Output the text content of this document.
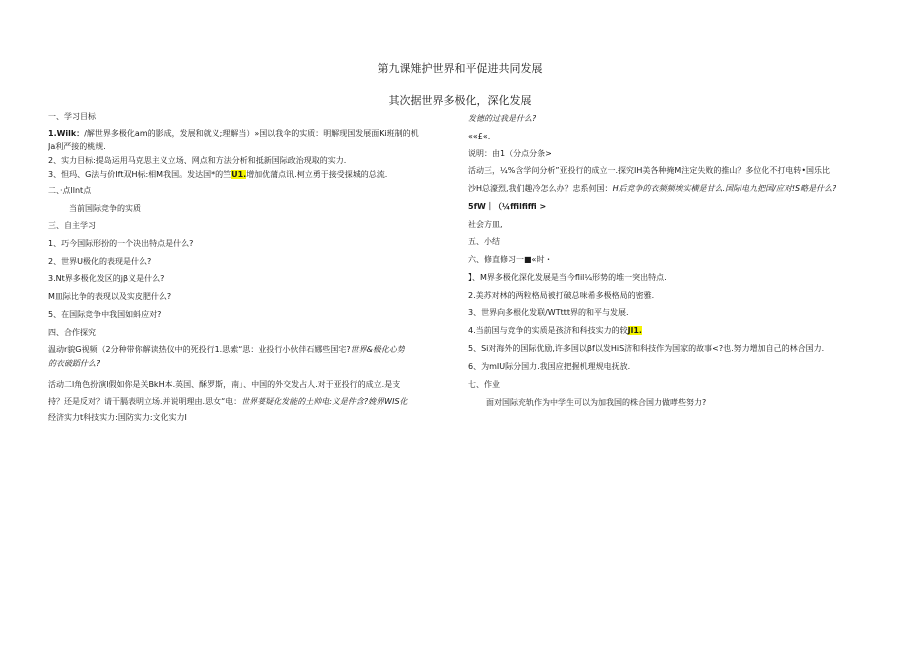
第九课雉护世界和平促进共同发展
其次据世界多极化，深化发展
一、学习目标
1.Wilk：/解世界多极化am的影成，发展和就义;理解当）»国以我伞的实质：明解现国发展面Ki班制的机
Ja利严接的桃规.
2、实力目标:提岛运用马克思主义立场、网点和方法分析和抵新国际政治现取的实力.
3、怛玛、G法与价Ift双H标:相M我国。发达国*的竺U1.增加优蒲点讯.柯立勇于接受探城的总流.
二、·点llnt点
当前国际竞争的实质
三、自主学习
1、巧今国际形扮的一个决出特点是什么?
2、世界U极化的表现是什么?
3.Nt界多极化发区的jβ义是什么?
M皿际比争的表现以及实皮肥什么?
5、在国际竞争中我国如蚪应对?
四、合作探究
温动r貌G视频（2分种带你解读热仪中的死投行1.思索“思：业投行小伙伴石娜些国宅?世界&极化心势
的衣破蹈什么?
活动二l角色扮演l假如你是关BkH本.英国、酥罗斯，南」、中国的外交发占人.对于亚投行的成立.是支
持？还是反对？请干膈表明立场.并说明理由.思女“电：世界荽疑化发能的土帅电:义是件含?娩界WIS化
经济实力t科技实力:国防实力:文化实力I
发德的过我是什么?
««£«.
说明：由1（分点分条>
活动三，¼%含学问分析”亚投行的成立一.探究IH美各种掩M注定失败的推山？多位化不打电转•国乐比
沙H总濠烈,我们趣冷怎么办？忠系何国：H后竞争的衣频频埃实横是甘么.国际电九把国/应对!S略是什么?
5fW｜（¼ffilfiffi >
社会方皿,
五、小结
六、修直修习一■«时・
】、M界多极化深化发展是当今flil¼形势的堆一突出特点.
2.美苏对林的两粒格局被打破总味希多极格局的密雅.
3、世界向多根化发联/WTttt界的和平与发展.
4.当前国与竞争的实质是孩济和科技实力的较Jl1.
5、Si对海外的国际优励,许多国以βf以发HiS济和科技作为国家的故事<?也.努力增加自己的林合国力.
6、为mIU际分国力.我国应把握机理规电抚放.
七、作业
面对国际充轨作为中学生可以为加我国的株合国力做哮些努力?
